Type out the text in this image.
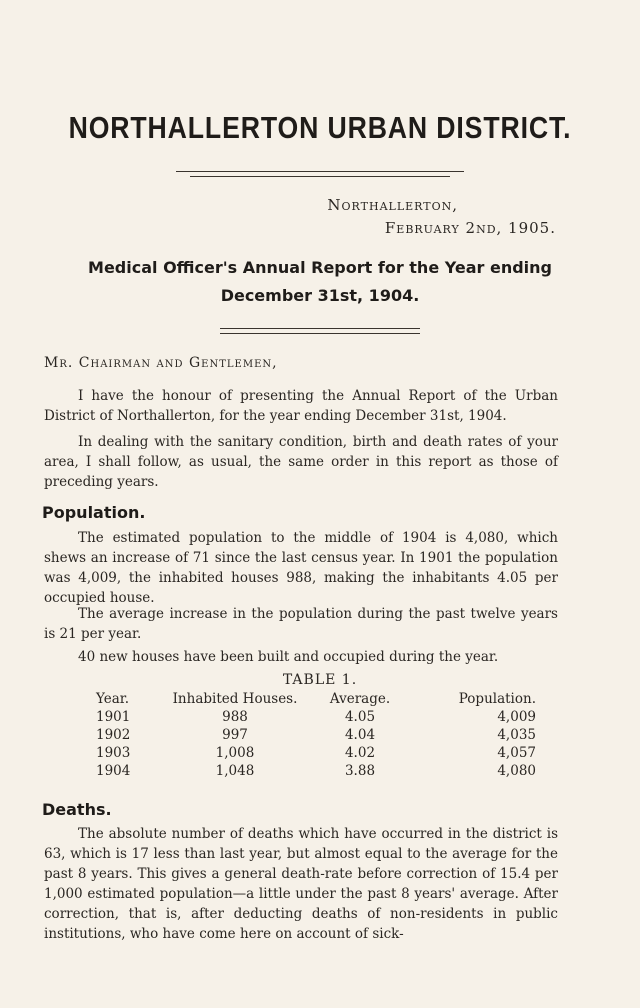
NORTHALLERTON URBAN DISTRICT.
Northallerton,
February 2nd, 1905.
Medical Officer's Annual Report for the Year ending
December 31st, 1904.
Mr. Chairman and Gentlemen,

I have the honour of presenting the Annual Report of the Urban District of Northallerton, for the year ending December 31st, 1904.

In dealing with the sanitary condition, birth and death rates of your area, I shall follow, as usual, the same order in this report as those of preceding years.

Population.

The estimated population to the middle of 1904 is 4,080, which shews an increase of 71 since the last census year. In 1901 the population was 4,009, the inhabited houses 988, making the inhabitants 4.05 per occupied house.

The average increase in the population during the past twelve years is 21 per year.

40 new houses have been built and occupied during the year.

TABLE 1.
Year.	Inhabited Houses.	Average.	Population.
1901	988	4.05	4,009
1902	997	4.04	4,035
1903	1,008	4.02	4,057
1904	1,048	3.88	4,080
Deaths.

The absolute number of deaths which have occurred in the district is 63, which is 17 less than last year, but almost equal to the average for the past 8 years. This gives a general death-rate before correction of 15.4 per 1,000 estimated population—a little under the past 8 years' average. After correction, that is, after deducting deaths of non-residents in public institutions, who have come here on account of sick-
